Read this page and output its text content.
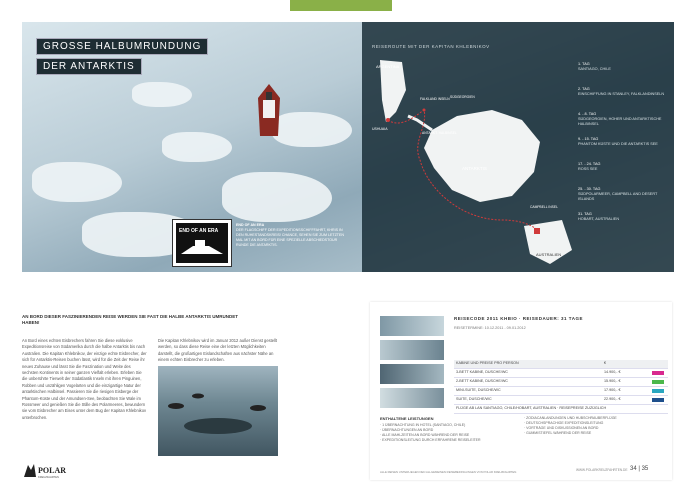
GROSSE HALBUMRUNDUNG
DER ANTARKTIS
END OF AN ERA
END OF AN ERA
DER FLAGSCHIFF DER EXPEDITIONSSCHIFFFAHRT, KHRIS IN DEN RUHESTANDSKREIS! CHANCE, SEHEN SIE ZUM LETZTEN MAL MIT AN BORD FÜR EINE SPEZIELLE ABSCHIEDSTOUR RUNDE DIE ANTARKTIS.
REISEROUTE MIT DER KAPITAN KHLEBNIKOV
ARGENTINA
USHUAIA
FALKLAND INSELN SÜDGEORGIEN
ANTARKT. HALBINSEL
ANTARKTIS
CAMPBELL INSEL
AUSTRALIEN
1. TAG
SANTIAGO, CHILE
2. TAG
EINSCHIFFUNG IN STANLEY, FALKLANDINSELN
4. - 8. TAG
SÜDGEORGIEN, HOHER UND ANTARKTISCHE HALBINSEL
9. - 15. TAG
PHANTOM KÜSTE UND DIE ANTARKTIS SEE
17. - 24. TAG
ROSS SEE
25. - 30. TAG
SÜDPOLARMEER, CAMPBELL AND DESERT ISLANDS
31. TAG
HOBART, AUSTRALIEN
AN BORD DIESER FASZINIERENDEN REISE WERDEN SIE FAST DIE HALBE ANTARKTIS UMRUNDET HABEN!
An Bord eines echten Eisbrechers fahren Sie diese exklusive Expeditionsreise von Südamerika durch die halbe Antarktis bis nach Australien. Die Kapitan Khlebnikov, der einzige echte Eisbrecher, der sich für Antarktis-Reisen buchen lässt, wird für die Zeit der Reise ihr neues Zuhause und lässt Sie die Faszination und Weite des sechsten Kontinents in seiner ganzen Vielfalt erleben. Erleben Sie die unberührte Tierwelt der Südatlantik Inseln mit ihren Pinguinen, Robben und unzähligen Vogelarten und die einzigartige Natur der antarktischen Halbinsel. Passieren Sie die riesigen Eisberge der Phantom-Küste und der Amundsen-See, beobachten Sie Wale im Rossmeer und genießen Sie die Stille des Polarmeeres, bewundern sie vom Eisbrecher am Eises unter dem Bug der Kapitan Khlebnikov unterbrochen.
Die Kapitan Khlebnikov wird im Januar 2012 außer Dienst gestellt werden, so dass diese Reise eine der letzten Möglichkeiten darstellt, die großartigen Eislandschaften aus nächster Nähe an einem echten Eisbrecher zu erleben.
POLAR
KREUZFAHRTEN
REISECODE 2011 KHBIO · REISEDAUER: 31 TAGE
REISETERMINE: 10.12.2011 - 09.01.2012
KABINE UND PREISE PRO PERSON	€
3-BETT KABINE, DUSCHE/WC	14.900,- €
2-BETT KABINE, DUSCHE/WC	15.900,- €
MINI-SUITE, DUSCHE/WC	17.900,- €
SUITE, DUSCHE/WC	22.900,- €
FLÜGE AB LAN SANTIAGO, CHILE/HOBART, AUSTRALIEN · REISEPREISE ZUZÜGLICH
ENTHALTENE LEISTUNGEN
· 1 ÜBERNACHTUNG IN HOTEL (SANTIAGO, CHILE)
· ÜBERNACHTUNGEN AN BORD
· ALLE MAHLZEITEN AN BORD WÄHREND DER REISE
· EXPEDITIONSLEITUNG DURCH ERFAHRENE REISELEITER
· ZODIACANLANDUNGEN UND HUBSCHRAUBERFLÜGE
· DEUTSCHSPRACHIGE EXPEDITIONSLEITUNG
· VORTRÄGE UND DISKUSSIONEN AN BORD
· GUMMISTIEFEL WÄHREND DER REISE
ALLE REISEN UNTERLIEGEN DEN ALLGEMEINEN REISEBEDINGUNGEN VON POLAR KREUZFAHRTEN.	WWW.POLARKREUZFAHRTEN.DE 34 | 35
